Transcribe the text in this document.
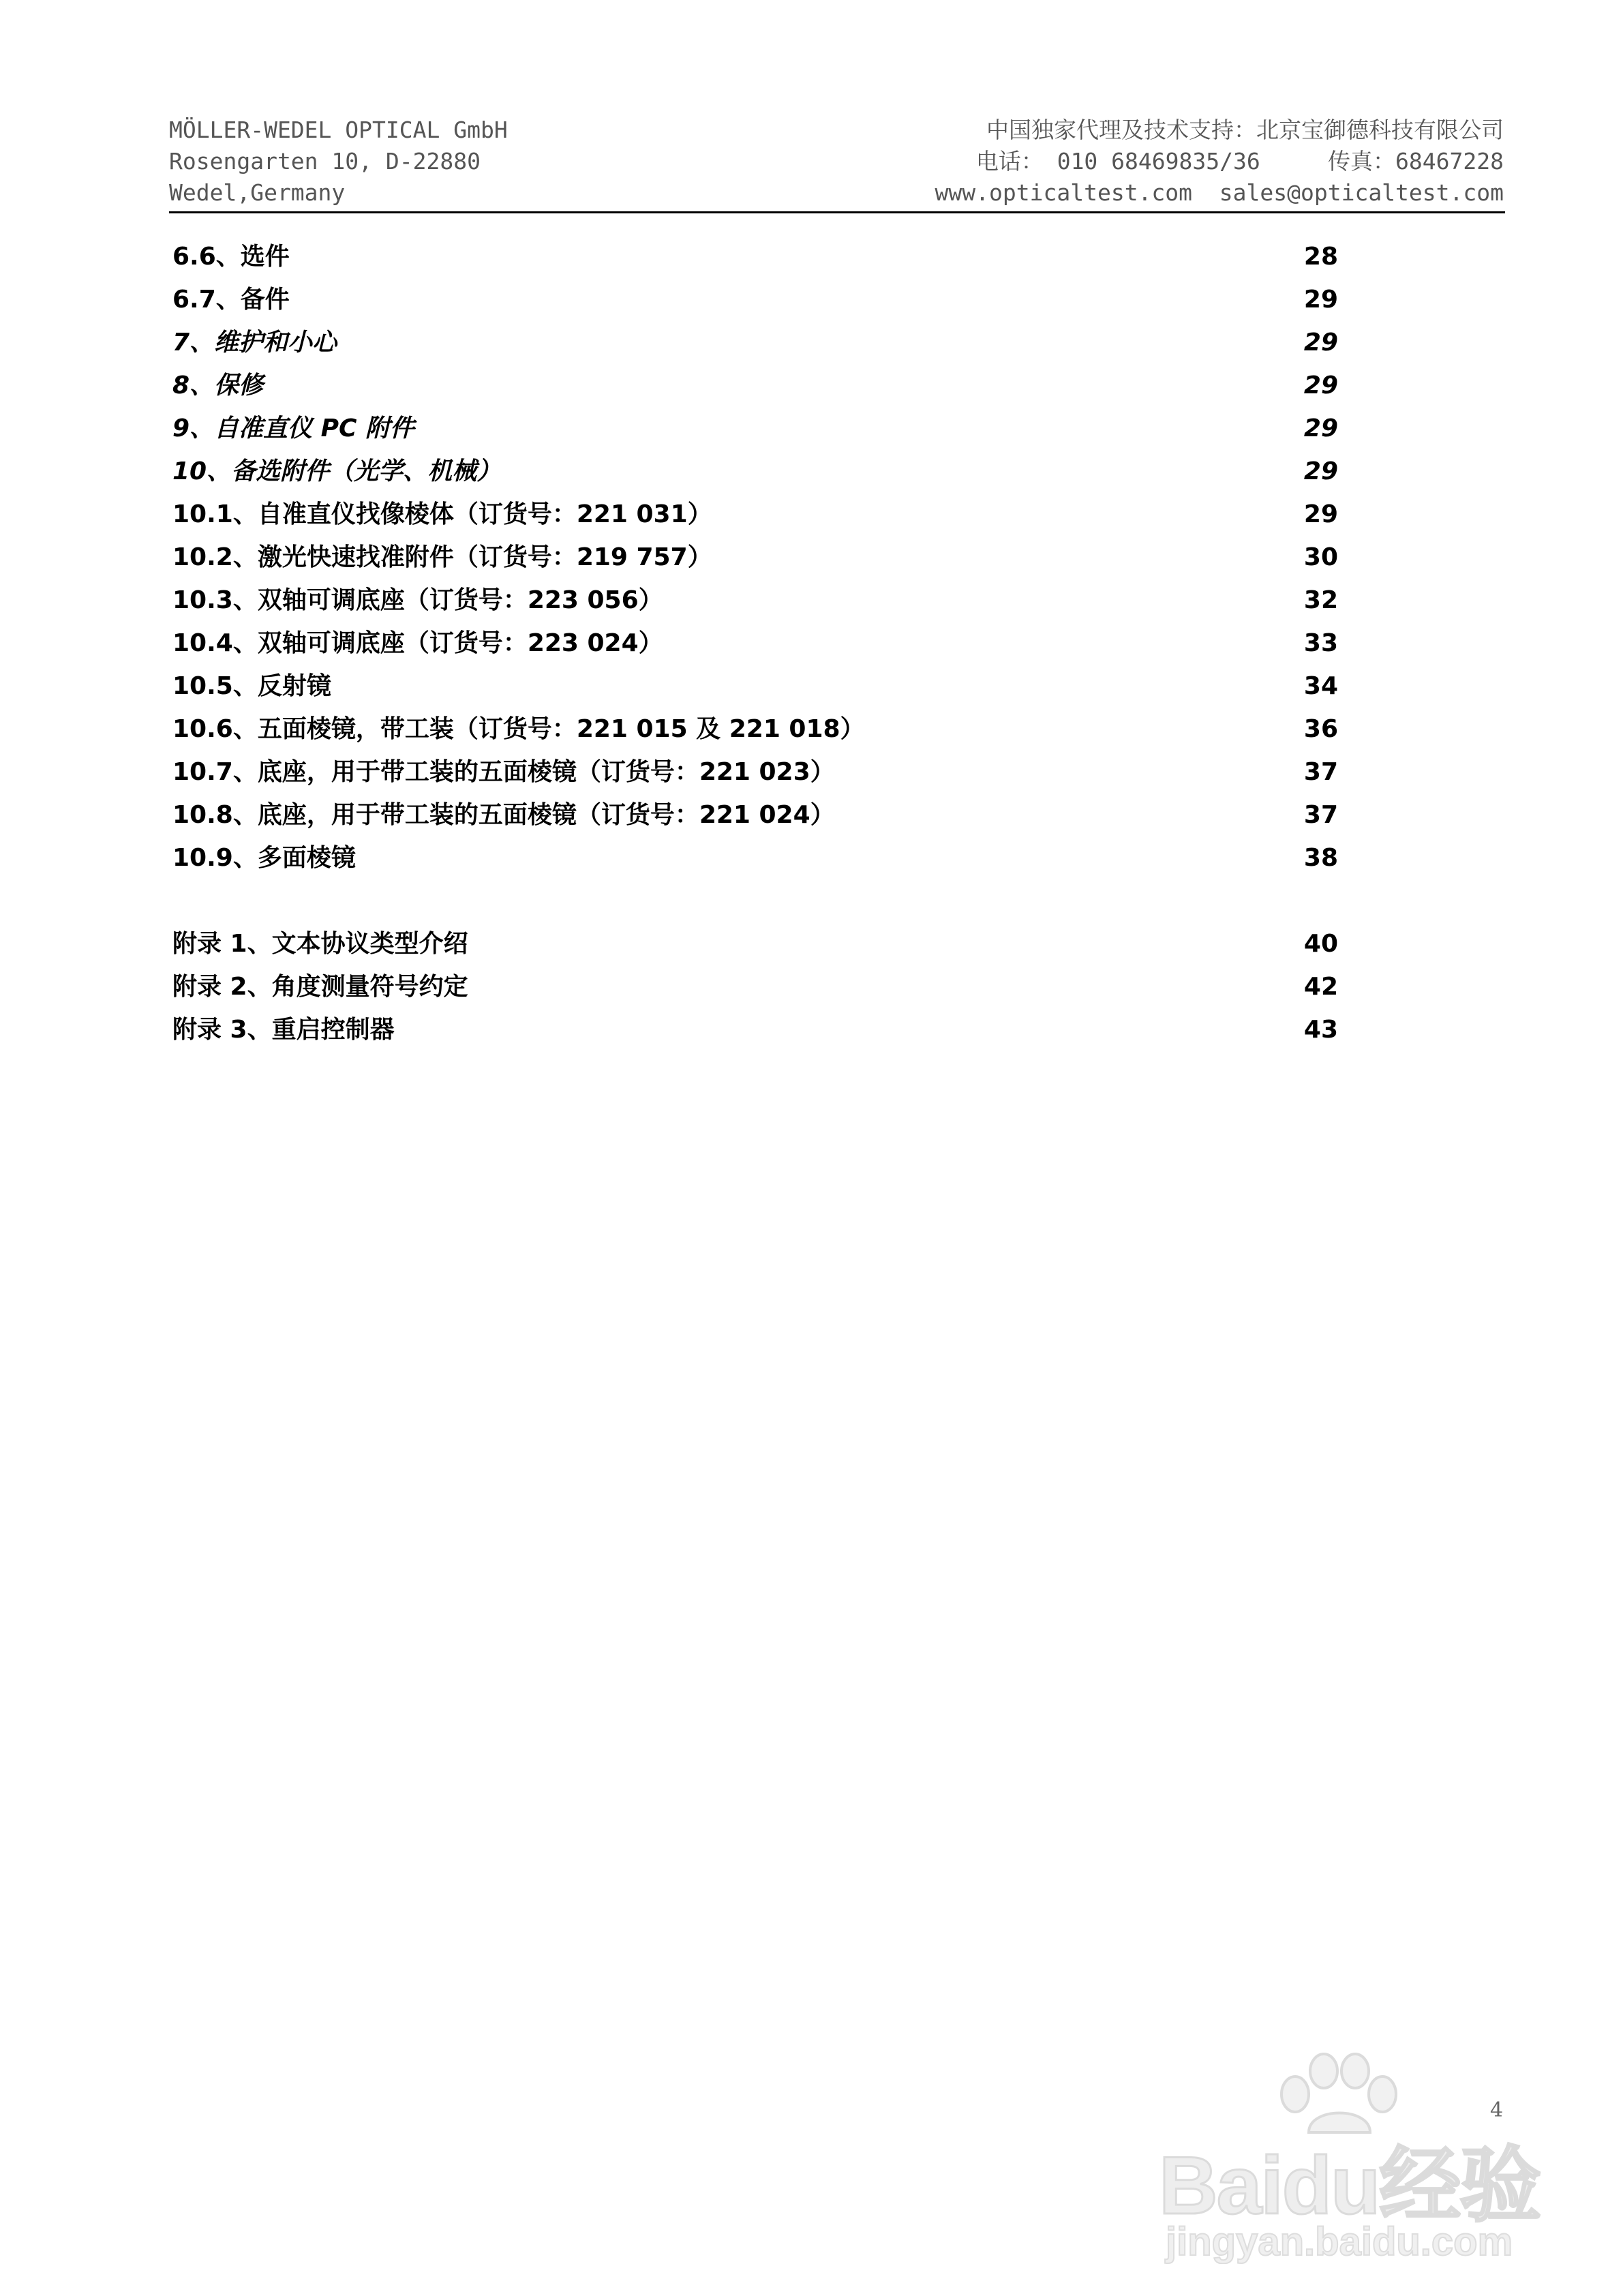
MÖLLER-WEDEL OPTICAL GmbH
Rosengarten 10, D-22880
Wedel,Germany
中国独家代理及技术支持：北京宝御德科技有限公司
电话： 010 68469835/36     传真：68467228
www.opticaltest.com  sales@opticaltest.com
6.6、选件	28
6.7、备件	29
7、维护和小心	29
8、保修	29
9、自准直仪 PC 附件	29
10、备选附件（光学、机械）	29
10.1、自准直仪找像棱体（订货号：221 031）	29
10.2、激光快速找准附件（订货号：219 757）	30
10.3、双轴可调底座（订货号：223 056）	32
10.4、双轴可调底座（订货号：223 024）	33
10.5、反射镜	34
10.6、五面棱镜，带工装（订货号：221 015 及 221 018）	36
10.7、底座，用于带工装的五面棱镜（订货号：221 023）	37
10.8、底座，用于带工装的五面棱镜（订货号：221 024）	37
10.9、多面棱镜	38
附录 1、文本协议类型介绍	40
附录 2、角度测量符号约定	42
附录 3、重启控制器	43
Baidu经验
jingyan.baidu.com
4
